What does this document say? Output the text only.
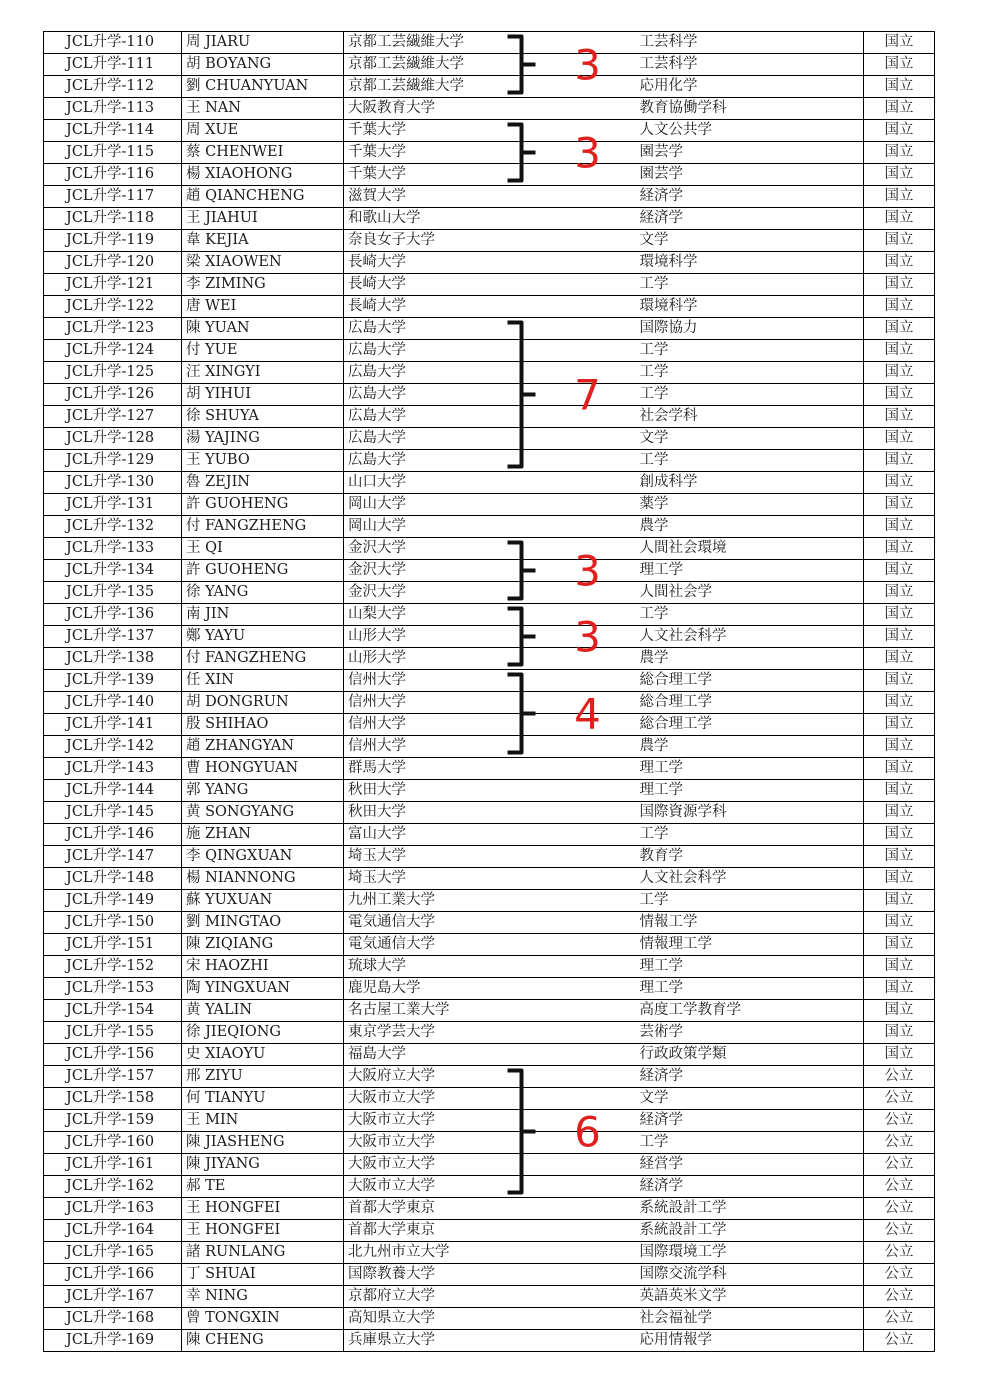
JCL升学-110	周 JIARU	京都工芸繊維大学		工芸科学	国立
JCL升学-111	胡 BOYANG	京都工芸繊維大学		工芸科学	国立
JCL升学-112	劉 CHUANYUAN	京都工芸繊維大学		応用化学	国立
JCL升学-113	王 NAN	大阪教育大学		教育協働学科	国立
JCL升学-114	周 XUE	千葉大学		人文公共学	国立
JCL升学-115	蔡 CHENWEI	千葉大学		園芸学	国立
JCL升学-116	楊 XIAOHONG	千葉大学		園芸学	国立
JCL升学-117	趙 QIANCHENG	滋賀大学		経済学	国立
JCL升学-118	王 JIAHUI	和歌山大学		経済学	国立
JCL升学-119	韋 KEJIA	奈良女子大学		文学	国立
JCL升学-120	梁 XIAOWEN	長崎大学		環境科学	国立
JCL升学-121	李 ZIMING	長崎大学		工学	国立
JCL升学-122	唐 WEI	長崎大学		環境科学	国立
JCL升学-123	陳 YUAN	広島大学		国際協力	国立
JCL升学-124	付 YUE	広島大学		工学	国立
JCL升学-125	汪 XINGYI	広島大学		工学	国立
JCL升学-126	胡 YIHUI	広島大学		工学	国立
JCL升学-127	徐 SHUYA	広島大学		社会学科	国立
JCL升学-128	湯 YAJING	広島大学		文学	国立
JCL升学-129	王 YUBO	広島大学		工学	国立
JCL升学-130	魯 ZEJIN	山口大学		創成科学	国立
JCL升学-131	許 GUOHENG	岡山大学		薬学	国立
JCL升学-132	付 FANGZHENG	岡山大学		農学	国立
JCL升学-133	王 QI	金沢大学		人間社会環境	国立
JCL升学-134	許 GUOHENG	金沢大学		理工学	国立
JCL升学-135	徐 YANG	金沢大学		人間社会学	国立
JCL升学-136	南 JIN	山梨大学		工学	国立
JCL升学-137	鄭 YAYU	山形大学		人文社会科学	国立
JCL升学-138	付 FANGZHENG	山形大学		農学	国立
JCL升学-139	任 XIN	信州大学		総合理工学	国立
JCL升学-140	胡 DONGRUN	信州大学		総合理工学	国立
JCL升学-141	殷 SHIHAO	信州大学		総合理工学	国立
JCL升学-142	趙 ZHANGYAN	信州大学		農学	国立
JCL升学-143	曹 HONGYUAN	群馬大学		理工学	国立
JCL升学-144	郭 YANG	秋田大学		理工学	国立
JCL升学-145	黄 SONGYANG	秋田大学		国際資源学科	国立
JCL升学-146	施 ZHAN	富山大学		工学	国立
JCL升学-147	李 QINGXUAN	埼玉大学		教育学	国立
JCL升学-148	楊 NIANNONG	埼玉大学		人文社会科学	国立
JCL升学-149	蘇 YUXUAN	九州工業大学		工学	国立
JCL升学-150	劉 MINGTAO	電気通信大学		情報工学	国立
JCL升学-151	陳 ZIQIANG	電気通信大学		情報理工学	国立
JCL升学-152	宋 HAOZHI	琉球大学		理工学	国立
JCL升学-153	陶 YINGXUAN	鹿児島大学		理工学	国立
JCL升学-154	黄 YALIN	名古屋工業大学		高度工学教育学	国立
JCL升学-155	徐 JIEQIONG	東京学芸大学		芸術学	国立
JCL升学-156	史 XIAOYU	福島大学		行政政策学類	国立
JCL升学-157	邢 ZIYU	大阪府立大学		経済学	公立
JCL升学-158	何 TIANYU	大阪市立大学		文学	公立
JCL升学-159	王 MIN	大阪市立大学		経済学	公立
JCL升学-160	陳 JIASHENG	大阪市立大学		工学	公立
JCL升学-161	陳 JIYANG	大阪市立大学		経営学	公立
JCL升学-162	郝 TE	大阪市立大学		経済学	公立
JCL升学-163	王 HONGFEI	首都大学東京		系統設計工学	公立
JCL升学-164	王 HONGFEI	首都大学東京		系統設計工学	公立
JCL升学-165	諸 RUNLANG	北九州市立大学		国際環境工学	公立
JCL升学-166	丁 SHUAI	国際教養大学		国際交流学科	公立
JCL升学-167	幸 NING	京都府立大学		英語英米文学	公立
JCL升学-168	曾 TONGXIN	高知県立大学		社会福祉学	公立
JCL升学-169	陳 CHENG	兵庫県立大学		応用情報学	公立
3
3
7
3
3
4
6
